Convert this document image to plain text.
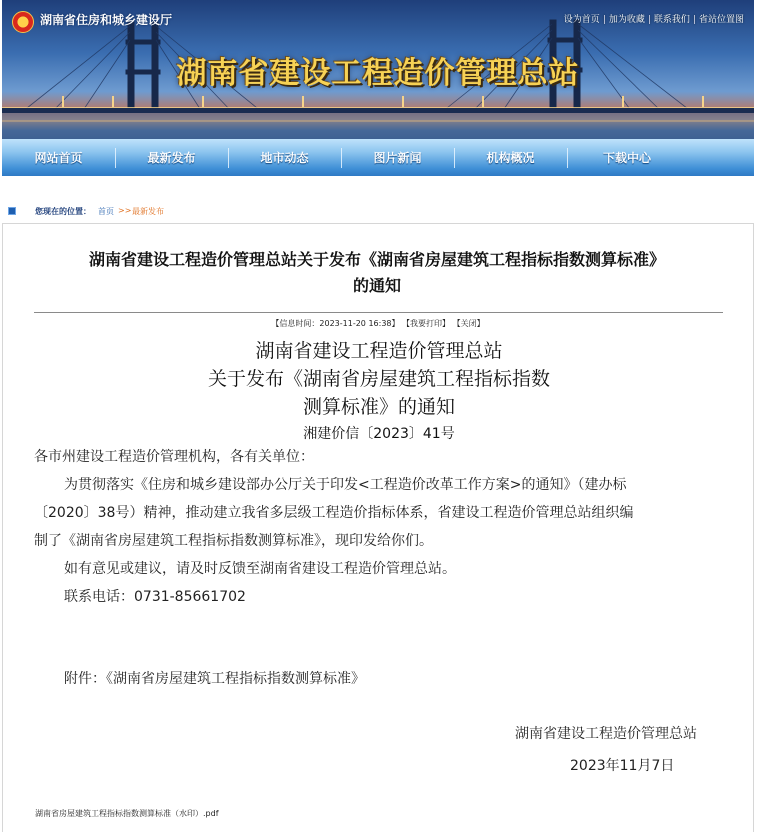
湖南省住房和城乡建设厅	设为首页 | 加为收藏 | 联系我们 | 省站位置图
湖南省建设工程造价管理总站
网站首页	最新发布	地市动态	图片新闻	机构概况	下载中心
您现在的位置： 首页 >> 最新发布
湖南省建设工程造价管理总站关于发布《湖南省房屋建筑工程指标指数测算标准》
的通知
【信息时间：2023-11-20 16:38】 【我要打印】 【关闭】
湖南省建设工程造价管理总站
关于发布《湖南省房屋建筑工程指标指数
测算标准》的通知
湘建价信〔2023〕41号
各市州建设工程造价管理机构，各有关单位：
为贯彻落实《住房和城乡建设部办公厅关于印发<工程造价改革工作方案>的通知》（建办标
〔2020〕38号）精神，推动建立我省多层级工程造价指标体系，省建设工程造价管理总站组织编
制了《湖南省房屋建筑工程指标指数测算标准》，现印发给你们。
如有意见或建议，请及时反馈至湖南省建设工程造价管理总站。
联系电话：0731-85661702
附件：《湖南省房屋建筑工程指标指数测算标准》
湖南省建设工程造价管理总站
2023年11月7日
湖南省房屋建筑工程指标指数测算标准（水印）.pdf
